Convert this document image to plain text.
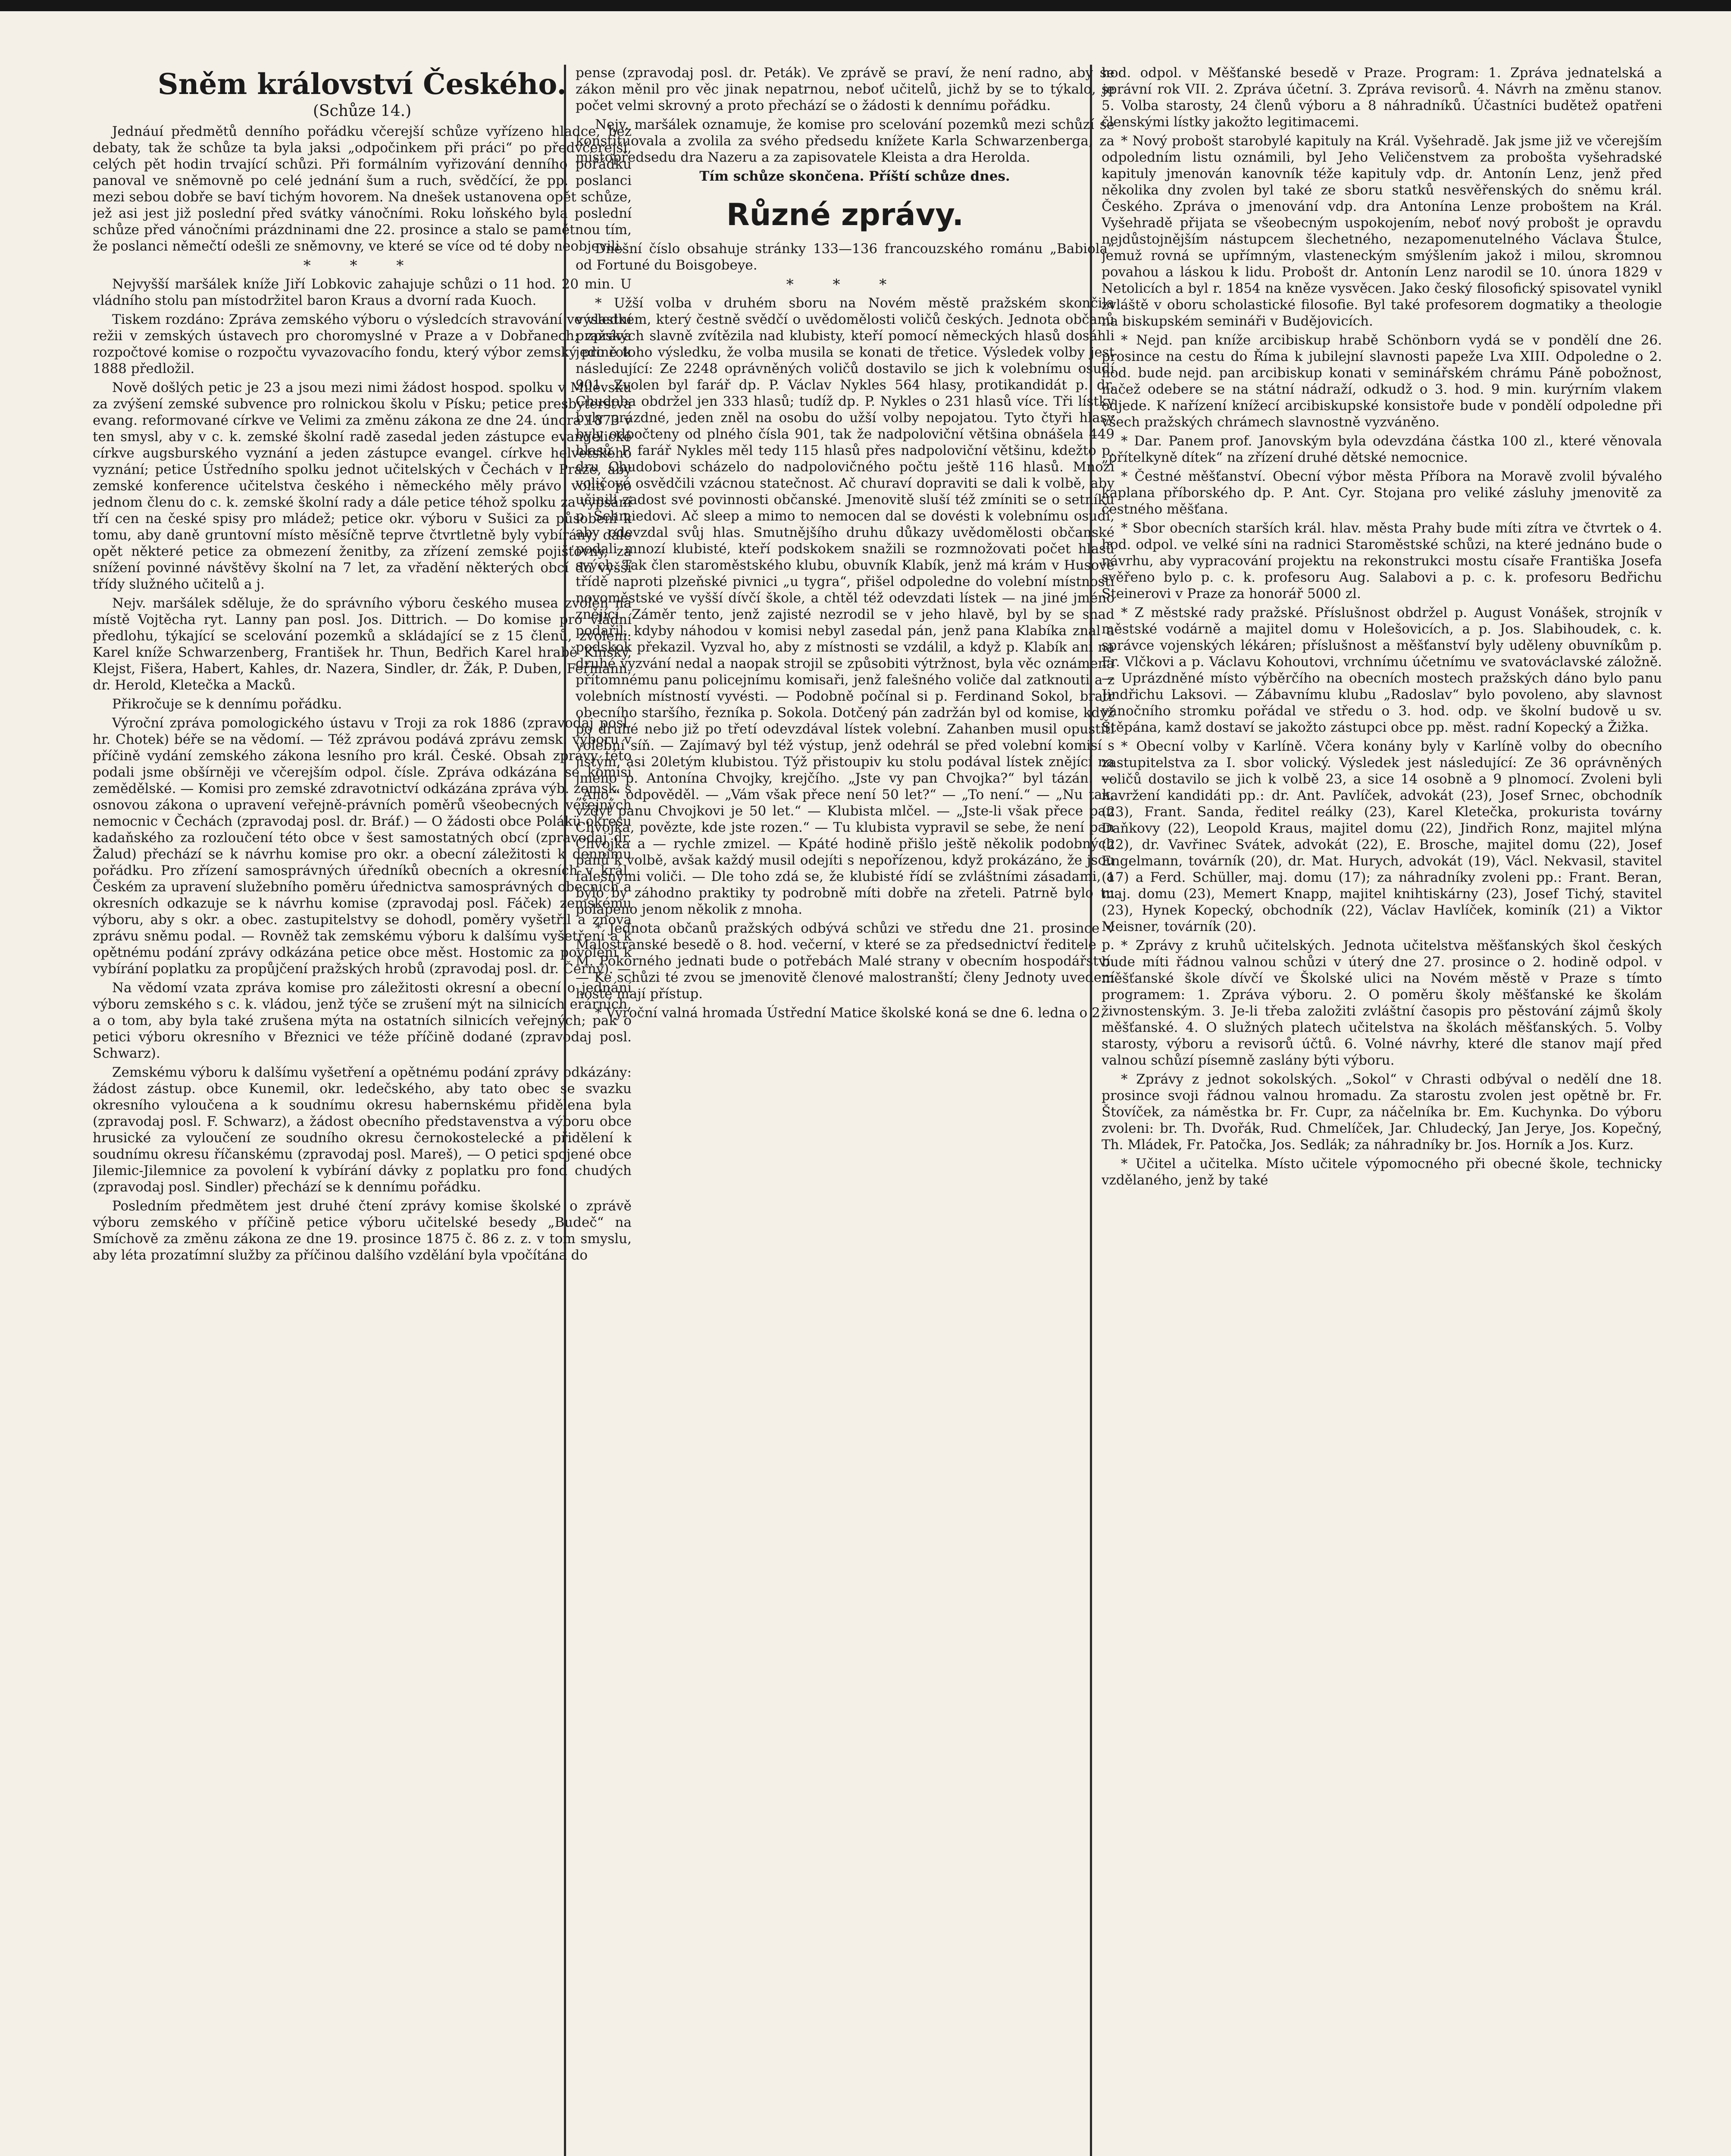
Sněm království Českého.
(Schůze 14.)

Jednáuí předmětů denního pořádku včerejší schůze vyřízeno hladce, bez debaty, tak že schůze ta byla jaksi „odpočinkem při práci“ po předvčerejší, celých pět hodin trvající schůzi. Při formálním vyřizování denního pořádku panoval ve sněmovně po celé jednání šum a ruch, svědčící, že pp. poslanci mezi sebou dobře se baví tichým hovorem. Na dnešek ustanovena opět schůze, jež asi jest již poslední před svátky vánočními. Roku loňského byla poslední schůze před vánočními prázdninami dne 22. prosince a stalo se pamětnou tím, že poslanci němečtí odešli ze sněmovny, ve které se více od té doby neobjevili.

* * *

Nejvyšší maršálek kníže Jiří Lobkovic zahajuje schůzi o 11 hod. 20 min. U vládního stolu pan místodržitel baron Kraus a dvorní rada Kuoch.

Tiskem rozdáno: Zpráva zemského výboru o výsledcích stravování ve vlastní režii v zemských ústavech pro choromyslné v Praze a v Dobřanech; zpráva rozpočtové komise o rozpočtu vyvazovacího fondu, který výbor zemský pro rok 1888 předložil.

Nově došlých petic je 23 a jsou mezi nimi žádost hospod. spolku v Milevsku za zvýšení zemské subvence pro rolnickou školu v Písku; petice presbyterstva evang. reformované církve ve Velimi za změnu zákona ze dne 24. února 1873 v ten smysl, aby v c. k. zemské školní radě zasedal jeden zástupce evangelické církve augsburského vyznání a jeden zástupce evangel. církve helvetského vyznání; petice Ústředního spolku jednot učitelských v Čechách v Praze, aby zemské konference učitelstva českého i německého měly právo voliti po jednom členu do c. k. zemské školní rady a dále petice téhož spolku za vypsání tří cen na české spisy pro mládež; petice okr. výboru v Sušici za působení k tomu, aby daně gruntovní místo měsíčně teprve čtvrtletně byly vybírány; dále opět některé petice za obmezení ženitby, za zřízení zemské pojišťovny, za snížení povinné návštěvy školní na 7 let, za vřadění některých obcí do vyšší třídy služného učitelů a j.

Nejv. maršálek sděluje, že do správního výboru českého musea zvolen na místě Vojtěcha ryt. Lanny pan posl. Jos. Dittrich. — Do komise pro vládní předlohu, týkající se scelování pozemků a skládající se z 15 členů, zvoleni: Karel kníže Schwarzenberg, František hr. Thun, Bedřich Karel hrabě Kinský, Klejst, Fišera, Habert, Kahles, dr. Nazera, Sindler, dr. Žák, P. Duben, Feřmann, dr. Herold, Kletečka a Macků.

Přikročuje se k dennímu pořádku.

Výroční zpráva pomologického ústavu v Troji za rok 1886 (zpravodaj posl. hr. Chotek) béře se na vědomí. — Též zprávou podává zprávu zemsk. výboru v příčině vydání zemského zákona lesního pro král. České. Obsah zprávy této podali jsme obšírněji ve včerejším odpol. čísle. Zpráva odkázána se komisi zemědělské. — Komisi pro zemské zdravotnictví odkázána zpráva výb. zemsk. s osnovou zákona o upravení veřejně-právních poměrů všeobecných veřejných nemocnic v Čechách (zpravodaj posl. dr. Bráf.) — O žádosti obce Polákü okresu kadaňského za rozloučení této obce v šest samostatných obcí (zpravodaj dr. Žalud) přechází se k návrhu komise pro okr. a obecní záležitosti k dennímu pořádku. Pro zřízení samosprávných úředníků obecních a okresních v král. Českém za upravení služebního poměru úřednictva samosprávných obecních a okresních odkazuje se k návrhu komise (zpravodaj posl. Fáček) zemskému výboru, aby s okr. a obec. zastupitelstvy se dohodl, poměry vyšetřil a znova zprávu sněmu podal. — Rovněž tak zemskému výboru k dalšímu vyšetření a k opětnému podání zprávy odkázána petice obce měst. Hostomic za povolení k vybírání poplatku za propůjčení pražských hrobů (zpravodaj posl. dr. Černý). —

Na vědomí vzata zpráva komise pro záležitosti okresní a obecní o jednání výboru zemského s c. k. vládou, jenž týče se zrušení mýt na silnicích erárních, a o tom, aby byla také zrušena mýta na ostatních silnicích veřejných; pak o petici výboru okresního v Březnici ve téže příčině dodané (zpravodaj posl. Schwarz).

Zemskému výboru k dalšímu vyšetření a opětnému podání zprávy odkázány: žádost zástup. obce Kunemil, okr. ledečského, aby tato obec se svazku okresního vyloučena a k soudnímu okresu habernskému přidělena byla (zpravodaj posl. F. Schwarz), a žádost obecního představenstva a výboru obce hrusické za vyloučení ze soudního okresu černokostelecké a přidělení k soudnímu okresu říčanskému (zpravodaj posl. Mareš), — O petici spojené obce Jilemic-Jilemnice za povolení k vybírání dávky z poplatku pro fond chudých (zpravodaj posl. Sindler) přechází se k dennímu pořádku.

Posledním předmětem jest druhé čtení zprávy komise školské o zprávě výboru zemského v příčině petice výboru učitelské besedy „Budeč“ na Smíchově za změnu zákona ze dne 19. prosince 1875 č. 86 z. z. v tom smyslu, aby léta prozatímní služby za příčinou dalšího vzdělání byla vpočítána do

pense (zpravodaj posl. dr. Peták). Ve zprávě se praví, že není radno, aby se zákon měnil pro věc jinak nepatrnou, neboť učitelů, jichž by se to týkalo, je počet velmi skrovný a proto přechází se o žádosti k dennímu pořádku.

Nejv. maršálek oznamuje, že komise pro scelování pozemků mezi schůzí se konstituovala a zvolila za svého předsedu knížete Karla Schwarzenberga, za místopředsedu dra Nazeru a za zapisovatele Kleista a dra Herolda.

Tím schůze skončena. Příští schůze dnes.

Různé zprávy.

Dnešní číslo obsahuje stránky 133—136 francouzského románu „Babiola“ od Fortuné du Boisgobeye.

* * *

* Užší volba v druhém sboru na Novém městě pražském skončila výsledkem, který čestně svědčí o uvědomělosti voličů českých. Jednota občanů pražských slavně zvítězila nad klubisty, kteří pomocí německých hlasů dosáhli jedině toho výsledku, že volba musila se konati de třetice. Výsledek volby jest následující: Ze 2248 oprávněných voličů dostavilo se jich k volebnímu osudí 901. Zvolen byl farář dp. P. Václav Nykles 564 hlasy, protikandidát p. dr. Chudoba obdržel jen 333 hlasů; tudíž dp. P. Nykles o 231 hlasů více. Tři lístky byly prázdné, jeden zněl na osobu do užší volby nepojatou. Tyto čtyři hlasy byly odpočteny od plného čísla 901, tak že nadpoloviční většina obnášela 449 hlasů. P. farář Nykles měl tedy 115 hlasů přes nadpoloviční většinu, kdežto p. dru Chudobovi scházelo do nadpolovičného počtu ještě 116 hlasů. Mnozí voličové osvědčili vzácnou statečnost. Ač churaví dopraviti se dali k volbě, aby učinili zadost své povinnosti občanské. Jmenovitě sluší též zmíniti se o setníku p. Schmiedovi. Ač sleep a mimo to nemocen dal se dovésti k volebnímu osudí, aby odevzdal svůj hlas. Smutnějšího druhu důkazy uvědomělosti občanské podali mnozí klubisté, kteří podskokem snažili se rozmnožovati počet hlasů svých. Tak člen staroměstského klubu, obuvník Klabík, jenž má krám v Husově třídě naproti plzeňské pivnici „u tygra“, přišel odpoledne do volební místnosti novoměstské ve vyšší dívčí škole, a chtěl též odevzdati lístek — na jiné jméno znějící. Záměr tento, jenž zajisté nezrodil se v jeho hlavě, byl by se snad podařil, kdyby náhodou v komisi nebyl zasedal pán, jenž pana Klabíka znal a podskok překazil. Vyzval ho, aby z místnosti se vzdálil, a když p. Klabík ani na druhé vyzvání nedal a naopak strojil se způsobiti výtržnost, byla věc oznámena přítomnému panu policejnímu komisaři, jenž falešného voliče dal zatknouti a z volebních místností vyvésti. — Podobně počínal si p. Ferdinand Sokol, bratr obecního staršího, řezníka p. Sokola. Dotčený pán zadržán byl od komise, když po druhé nebo již po třetí odevzdával lístek volební. Zahanben musil opustiti volební síň. — Zajímavý byl též výstup, jenž odehrál se před volební komisí s jistým, asi 20letým klubistou. Týž přistoupiv ku stolu podával lístek znějící na jméno p. Antonína Chvojky, krejčího. „Jste vy pan Chvojka?“ byl tázán. — „Ano,“ odpověděl. — „Vám však přece není 50 let?“ — „To není.“ — „Nu tak, vždyť panu Chvojkovi je 50 let.“ — Klubista mlčel. — „Jste-li však přece pan Chvojka, povězte, kde jste rozen.“ — Tu klubista vypravil se sebe, že není pan Chvojka a — rychle zmizel. — Kpáté hodině přišlo ještě několik podobných pánů k volbě, avšak každý musil odejíti s nepořízenou, když prokázáno, že jsou falešnými voliči. — Dle toho zdá se, že klubisté řídí se zvláštními zásadami, a bylo by záhodno praktiky ty podrobně míti dobře na zřeteli. Patrně bylo tu polapeno jenom několik z mnoha.

* Jednota občanů pražských odbývá schůzi ve středu dne 21. prosince v Malostranské besedě o 8. hod. večerní, v které se za předsednictví ředitele p. M. Pokorného jednati bude o potřebách Malé strany v obecním hospodářství. — Ke schůzi té zvou se jmenovitě členové malostranští; členy Jednoty uvedení hosté mají přístup.

* Výroční valná hromada Ústřední Matice školské koná se dne 6. ledna o 2.

hod. odpol. v Měšťanské besedě v Praze. Program: 1. Zpráva jednatelská a správní rok VII. 2. Zpráva účetní. 3. Zpráva revisorů. 4. Návrh na změnu stanov. 5. Volba starosty, 24 členů výboru a 8 náhradníků. Účastníci budětež opatřeni členskými lístky jakožto legitimacemi.

* Nový probošt starobylé kapituly na Král. Vyšehradě. Jak jsme již ve včerejším odpoledním listu oznámili, byl Jeho Veličenstvem za proboštа vyšehradské kapituly jmenován kanovník téže kapituly vdp. dr. Antonín Lenz, jenž před několika dny zvolen byl také ze sboru statků nesvěřenských do sněmu král. Českého. Zpráva o jmenování vdp. dra Antonína Lenze proboštem na Král. Vyšehradě přijata se všeobecným uspokojením, neboť nový probošt je opravdu nejdůstojnějším nástupcem šlechetného, nezapomenutelného Václava Štulce, jemuž rovná se upřímným, vlasteneckým smýšlením jakož i milou, skromnou povahou a láskou k lidu. Probošt dr. Antonín Lenz narodil se 10. února 1829 v Netolicích a byl r. 1854 na kněze vysvěcen. Jako český filosofický spisovatel vynikl zvláště v oboru scholastické filosofie. Byl také profesorem dogmatiky a theologie na biskupském semináři v Budějovicích.

* Nejd. pan kníže arcibiskup hrabě Schönborn vydá se v pondělí dne 26. prosince na cestu do Říma k jubilejní slavnosti papeže Lva XIII. Odpoledne o 2. hod. bude nejd. pan arcibiskup konati v seminářském chrámu Páně pobožnost, načež odebere se na státní nádraží, odkudž o 3. hod. 9 min. kurýrním vlakem odjede. K nařízení knížecí arcibiskupské konsistoře bude v pondělí odpoledne při všech pražských chrámech slavnostně vyzváněno.

* Dar. Panem prof. Janovským byla odevzdána částka 100 zl., které věnovala „přítelkyně dítek“ na zřízení druhé dětské nemocnice.

* Čestné měšťanství. Obecní výbor města Příbora na Moravě zvolil bývalého kaplana příborského dp. P. Ant. Cyr. Stojana pro veliké zásluhy jmenovitě za čestného měšťana.

* Sbor obecních starších král. hlav. města Prahy bude míti zítra ve čtvrtek o 4. hod. odpol. ve velké síni na radnici Staroměstské schůzi, na které jednáno bude o návrhu, aby vypracování projektu na rekonstrukci mostu císaře Františka Josefa svěřeno bylo p. c. k. profesoru Aug. Salabovi a p. c. k. profesoru Bedřichu Steinerovi v Praze za honorář 5000 zl.

* Z městské rady pražské. Příslušnost obdržel p. August Vonášek, strojník v městské vodárně a majitel domu v Holešovicích, a p. Jos. Slabihoudek, c. k. správce vojenských lékáren; příslušnost a měšťanství byly uděleny obuvníkům p. Fr. Vlčkovi a p. Václavu Kohoutovi, vrchnímu účetnímu ve svatováclavské záložně. — Uprázdněné místo výběrčího na obecních mostech pražských dáno bylo panu Jindřichu Laksovi. — Zábavnímu klubu „Radoslav“ bylo povoleno, aby slavnost vánočního stromku pořádal ve středu o 3. hod. odp. ve školní budově u sv. Štěpána, kamž dostaví se jakožto zástupci obce pp. měst. radní Kopecký a Žižka.

* Obecní volby v Karlíně. Včera konány byly v Karlíně volby do obecního zastupitelstva za I. sbor volický. Výsledek jest následující: Ze 36 oprávněných voličů dostavilo se jich k volbě 23, a sice 14 osobně a 9 plnomocí. Zvoleni byli navržení kandidáti pp.: dr. Ant. Pavlíček, advokát (23), Josef Srnec, obchodník (23), Frant. Sanda, ředitel reálky (23), Karel Kletečka, prokurista továrny Daňkovy (22), Leopold Kraus, majitel domu (22), Jindřich Ronz, majitel mlýna (22), dr. Vavřinec Svátek, advokát (22), E. Brosche, majitel domu (22), Josef Engelmann, továrník (20), dr. Mat. Hurych, advokát (19), Václ. Nekvasil, stavitel (17) a Ferd. Schüller, maj. domu (17); za náhradníky zvoleni pp.: Frant. Beran, maj. domu (23), Memert Knapp, majitel knihtiskárny (23), Josef Tichý, stavitel (23), Hynek Kopecký, obchodník (22), Václav Havlíček, kominík (21) a Viktor Meisner, továrník (20).

* Zprávy z kruhů učitelských. Jednota učitelstva měšťanských škol českých bude míti řádnou valnou schůzi v úterý dne 27. prosince o 2. hodině odpol. v měšťanské škole dívčí ve Školské ulici na Novém městě v Praze s tímto programem: 1. Zpráva výboru. 2. O poměru školy měšťanské ke školám živnostenským. 3. Je-li třeba založiti zvláštní časopis pro pěstování zájmů školy měšťanské. 4. O služných platech učitelstva na školách měšťanských. 5. Volby starosty, výboru a revisorů účtů. 6. Volné návrhy, které dle stanov mají před valnou schůzí písemně zaslány býti výboru.

* Zprávy z jednot sokolských. „Sokol“ v Chrasti odbýval o nedělí dne 18. prosince svoji řádnou valnou hromadu. Za starostu zvolen jest opětně br. Fr. Štovíček, za náměstka br. Fr. Cupr, za náčelníka br. Em. Kuchynka. Do výboru zvoleni: br. Th. Dvořák, Rud. Chmelíček, Jar. Chludecký, Jan Jerye, Jos. Kopečný, Th. Mládek, Fr. Patočka, Jos. Sedlák; za náhradníky br. Jos. Horník a Jos. Kurz.

* Učitel a učitelka. Místo učitele výpomocného při obecné škole, technicky vzdělaného, jenž by také
